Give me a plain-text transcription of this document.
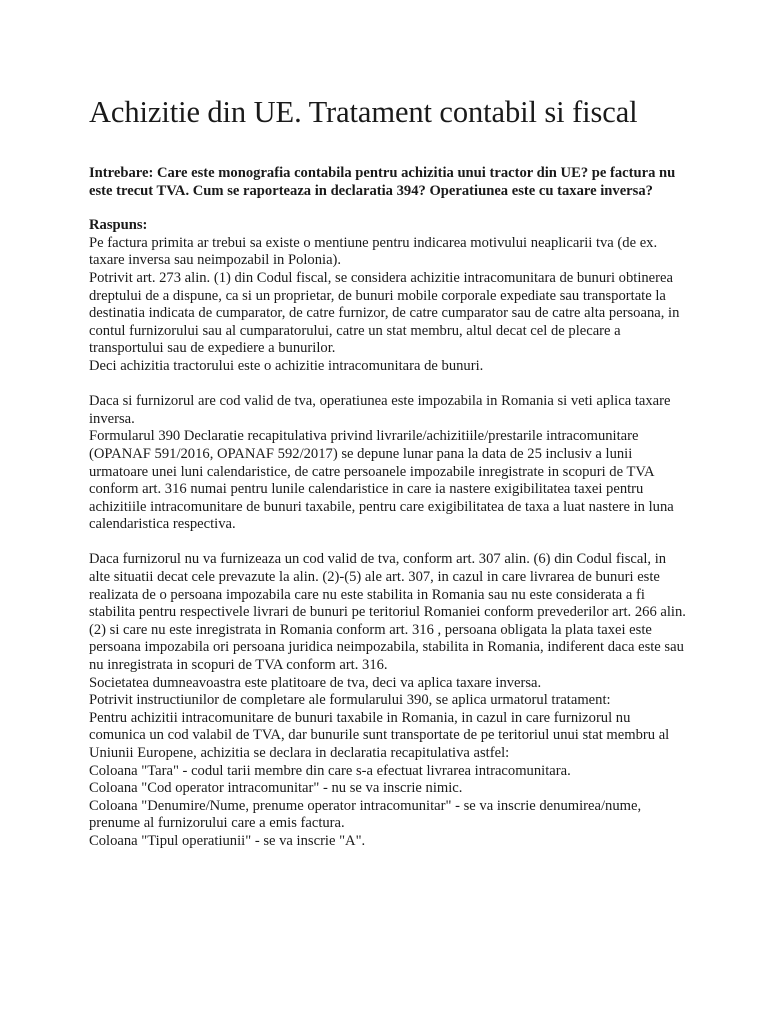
Achizitie din UE. Tratament contabil si fiscal

Intrebare: Care este monografia contabila pentru achizitia unui tractor din UE? pe factura nu este trecut TVA. Cum se raporteaza in declaratia 394? Operatiunea este cu taxare inversa?

Raspuns:

Pe factura primita ar trebui sa existe o mentiune pentru indicarea motivului neaplicarii tva (de ex. taxare inversa sau neimpozabil in Polonia).

Potrivit art. 273 alin. (1) din Codul fiscal, se considera achizitie intracomunitara de bunuri obtinerea dreptului de a dispune, ca si un proprietar, de bunuri mobile corporale expediate sau transportate la destinatia indicata de cumparator, de catre furnizor, de catre cumparator sau de catre alta persoana, in contul furnizorului sau al cumparatorului, catre un stat membru, altul decat cel de plecare a transportului sau de expediere a bunurilor.

Deci achizitia tractorului este o achizitie intracomunitara de bunuri.

Daca si furnizorul are cod valid de tva, operatiunea este impozabila in Romania si veti aplica taxare inversa.

Formularul 390 Declaratie recapitulativa privind livrarile/achizitiile/prestarile intracomunitare (OPANAF 591/2016, OPANAF 592/2017) se depune lunar pana la data de 25 inclusiv a lunii urmatoare unei luni calendaristice, de catre persoanele impozabile inregistrate in scopuri de TVA conform art. 316 numai pentru lunile calendaristice in care ia nastere exigibilitatea taxei pentru achizitiile intracomunitare de bunuri taxabile, pentru care exigibilitatea de taxa a luat nastere in luna calendaristica respectiva.

Daca furnizorul nu va furnizeaza un cod valid de tva, conform art. 307 alin. (6) din Codul fiscal, in alte situatii decat cele prevazute la alin. (2)-(5) ale art. 307, in cazul in care livrarea de bunuri este realizata de o persoana impozabila care nu este stabilita in Romania sau nu este considerata a fi stabilita pentru respectivele livrari de bunuri pe teritoriul Romaniei conform prevederilor art. 266 alin. (2) si care nu este inregistrata in Romania conform art. 316 , persoana obligata la plata taxei este persoana impozabila ori persoana juridica neimpozabila, stabilita in Romania, indiferent daca este sau nu inregistrata in scopuri de TVA conform art. 316.

Societatea dumneavoastra este platitoare de tva, deci va aplica taxare inversa.

Potrivit instructiunilor de completare ale formularului 390, se aplica urmatorul tratament:

Pentru achizitii intracomunitare de bunuri taxabile in Romania, in cazul in care furnizorul nu comunica un cod valabil de TVA, dar bunurile sunt transportate de pe teritoriul unui stat membru al Uniunii Europene, achizitia se declara in declaratia recapitulativa astfel:

Coloana "Tara" - codul tarii membre din care s-a efectuat livrarea intracomunitara.

Coloana "Cod operator intracomunitar" - nu se va inscrie nimic.

Coloana "Denumire/Nume, prenume operator intracomunitar" - se va inscrie denumirea/nume, prenume al furnizorului care a emis factura.

Coloana "Tipul operatiunii" - se va inscrie "A".
